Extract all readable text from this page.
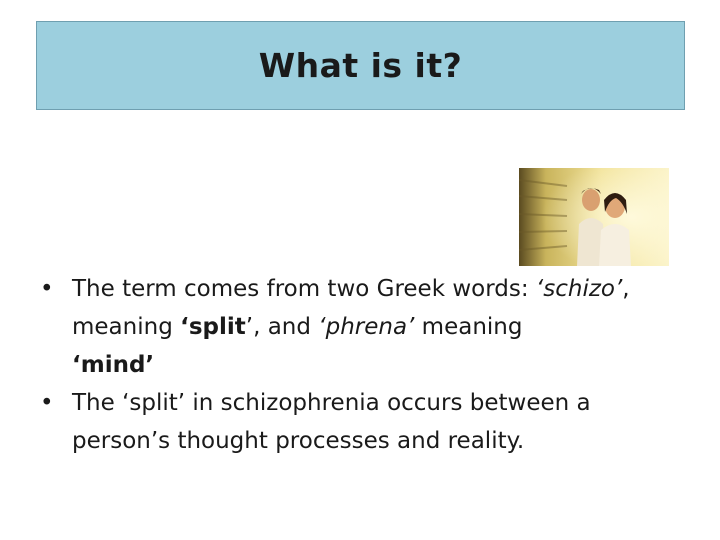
What is it?
• The term comes from two Greek words: ‘schizo’, meaning ‘split’, and ‘phrena’ meaning
‘mind’
• The ‘split’ in schizophrenia occurs between a person’s thought processes and reality.
